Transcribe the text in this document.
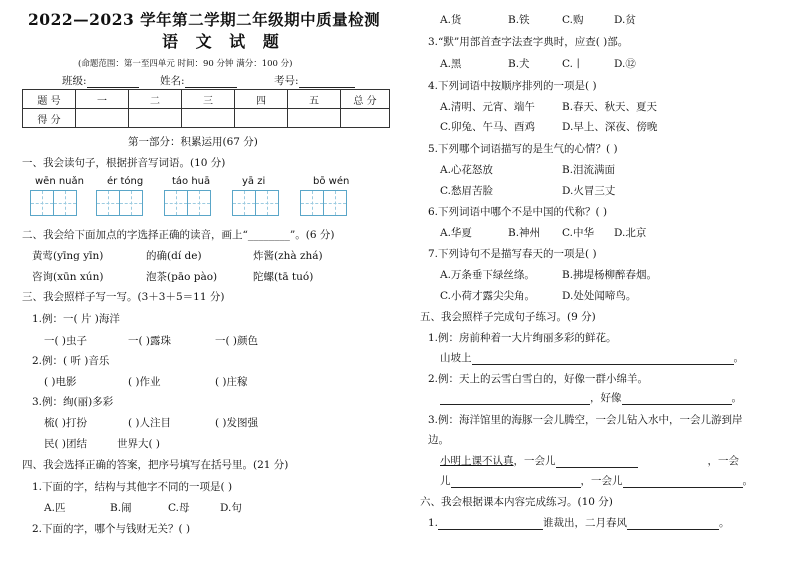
2022—2023 学年第二学期二年级期中质量检测
语 文 试 题
(命题范围：第一至四单元 时间：90 分钟 满分：100 分)
班级:	姓名:	考号:
题 号	一	二	三	四	五	总 分
得 分						
第一部分：积累运用(67 分)
一、我会读句子，根据拼音写词语。(10 分)
wēn nuǎn ér tóng	táo huā	yā zi	bō wén
二、我会给下面加点的字选择正确的读音，画上“________”。(6 分)
黄莺(yīng yīn)	的确(dí de)	炸酱(zhà zhá)
咨询(xūn xún)	泡茶(pāo pào)	陀螺(tā tuó)
三、我会照样子写一写。(3＋3＋5＝11 分)
1.例：一( 片 )海洋
一( )虫子	一( )露珠	一( )颜色
2.例：( 听 )音乐
( )电影	( )作业	( )庄稼
3.例：绚(丽)多彩
梳( )打扮	( )人注目	( )发图强
民( )团结	世界大( )
四、我会选择正确的答案，把序号填写在括号里。(21 分)
1.下面的字，结构与其他字不同的一项是( )
A.匹	B.闹	C.母	D.句
2.下面的字，哪个与钱财无关？( )
A.货	B.铁	C.购	D.贫
3.“默”用部首查字法查字典时，应查( )部。
A.黑	B.犬	C.丨	D.⑫
4.下列词语中按顺序排列的一项是( )
A.清明、元宵、端午	B.春天、秋天、夏天
C.卯兔、午马、酉鸡	D.早上、深夜、傍晚
5.下列哪个词语描写的是生气的心情？( )
A.心花怒放	B.泪流满面
C.愁眉苦脸	D.火冒三丈
6.下列词语中哪个不是中国的代称？( )
A.华夏	B.神州 C.中华 D.北京
7.下列诗句不是描写春天的一项是( )
A.万条垂下绿丝绦。	B.拂堤杨柳醉春烟。
C.小荷才露尖尖角。	D.处处闻啼鸟。
五、我会照样子完成句子练习。(9 分)
1.例：房前种着一大片绚丽多彩的鲜花。
山坡上	。
2.例：天上的云雪白雪白的，好像一群小绵羊。
，好像	。
3.例：海洋馆里的海豚一会儿腾空，一会儿钻入水中，一会儿游到岸
边。
小明上课不认真，一会儿	，一会
儿	，一会儿	。
六、我会根据课本内容完成练习。(10 分)
1.	谁裁出，二月春风	。
